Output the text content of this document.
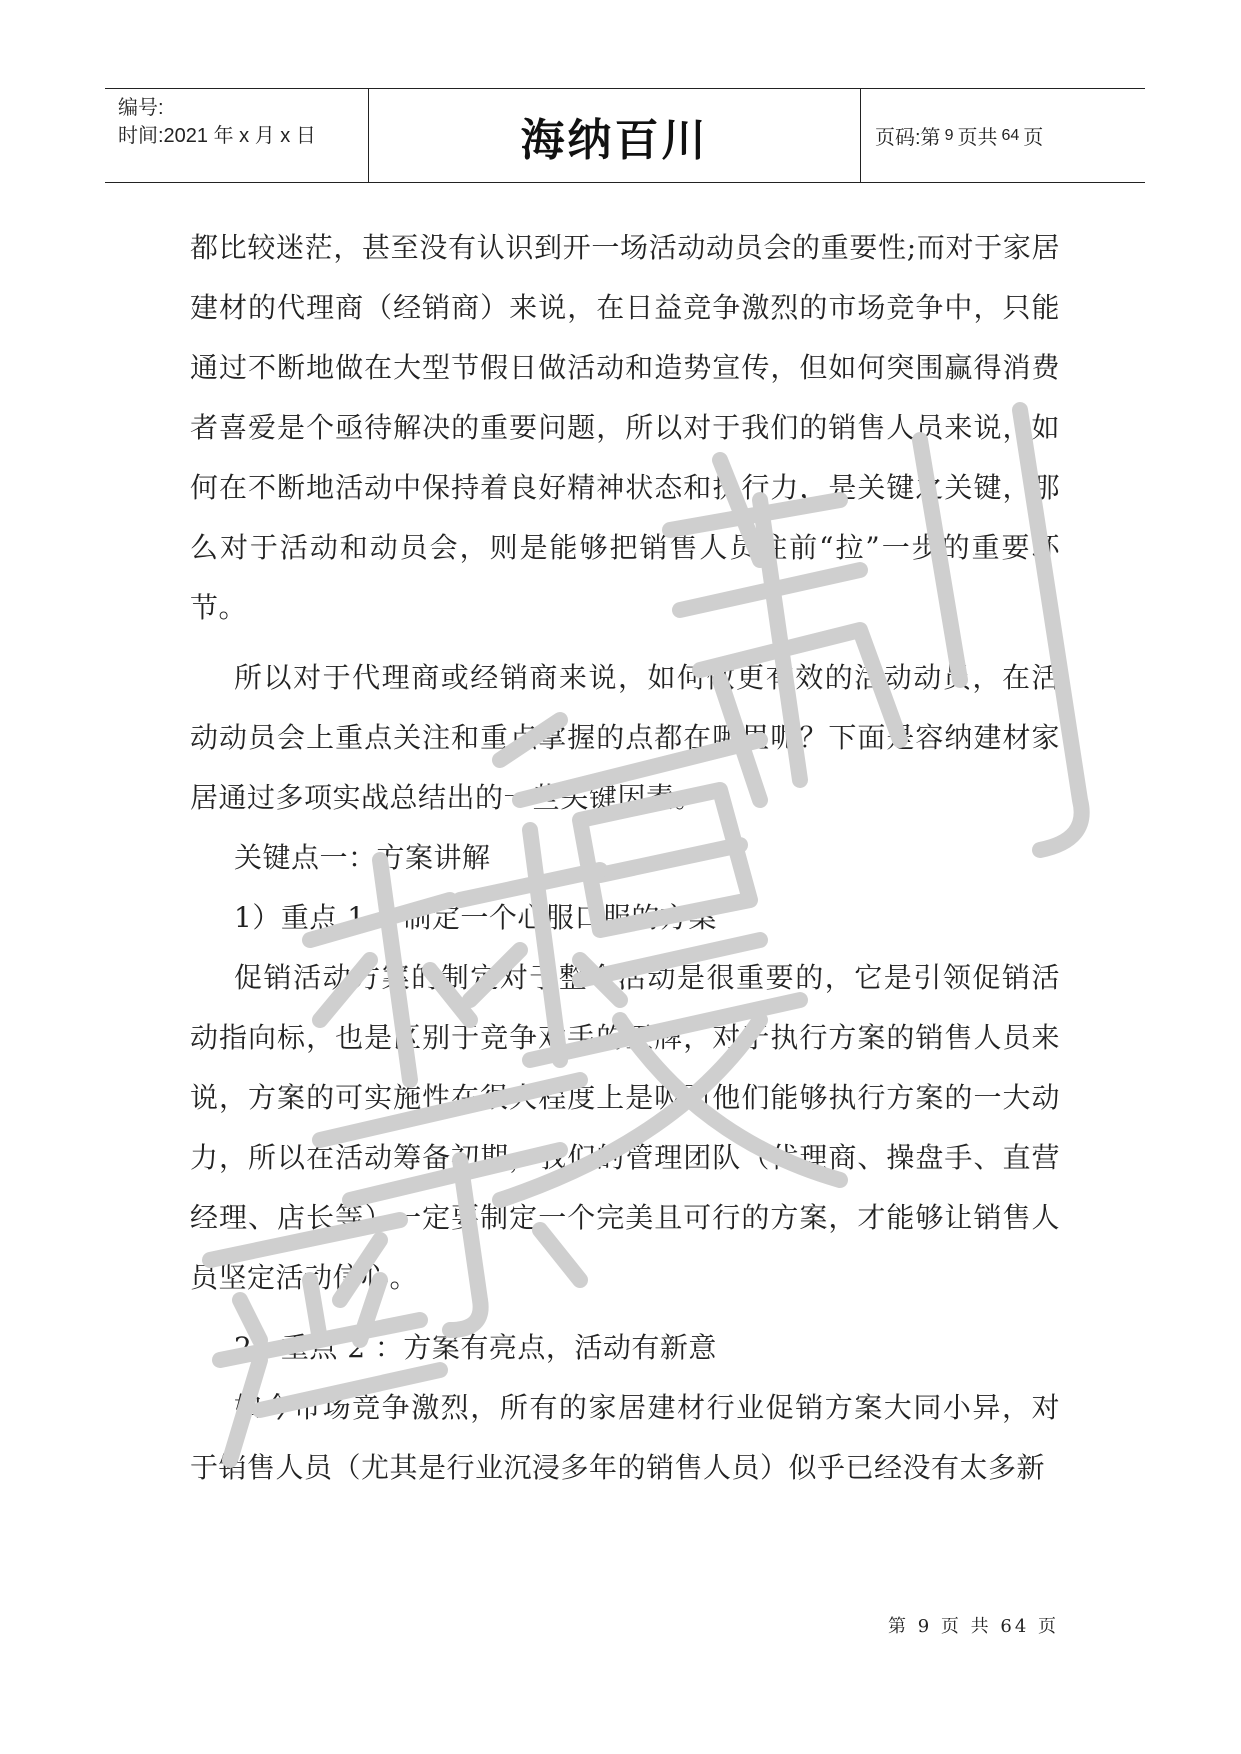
编号:
时间:2021 年 x 月 x 日	海纳百川	页码:第 9 页共 64 页

都比较迷茫，甚至没有认识到开一场活动动员会的重要性;而对于家居建材的代理商（经销商）来说，在日益竞争激烈的市场竞争中，只能通过不断地做在大型节假日做活动和造势宣传，但如何突围赢得消费者喜爱是个亟待解决的重要问题，所以对于我们的销售人员来说，如何在不断地活动中保持着良好精神状态和执行力，是关键之关键，那么对于活动和动员会，则是能够把销售人员往前“拉”一步的重要环节。

所以对于代理商或经销商来说，如何做更有效的活动动员，在活动动员会上重点关注和重点掌握的点都在哪里呢？下面是容纳建材家居通过多项实战总结出的一些关键因素。

关键点一：方案讲解

1）重点 1 ：制定一个心服口服的方案

促销活动方案的制定对于整个活动是很重要的，它是引领促销活动指向标，也是区别于竞争对手的王牌，对于执行方案的销售人员来说，方案的可实施性在很大程度上是吸引他们能够执行方案的一大动力，所以在活动筹备初期，我们的管理团队（代理商、操盘手、直营经理、店长等）一定要制定一个完美且可行的方案，才能够让销售人员坚定活动信心。

2）重点 2 ：方案有亮点，活动有新意

如今市场竞争激烈，所有的家居建材行业促销方案大同小异，对于销售人员（尤其是行业沉浸多年的销售人员）似乎已经没有太多新

第 9 页 共 64 页
